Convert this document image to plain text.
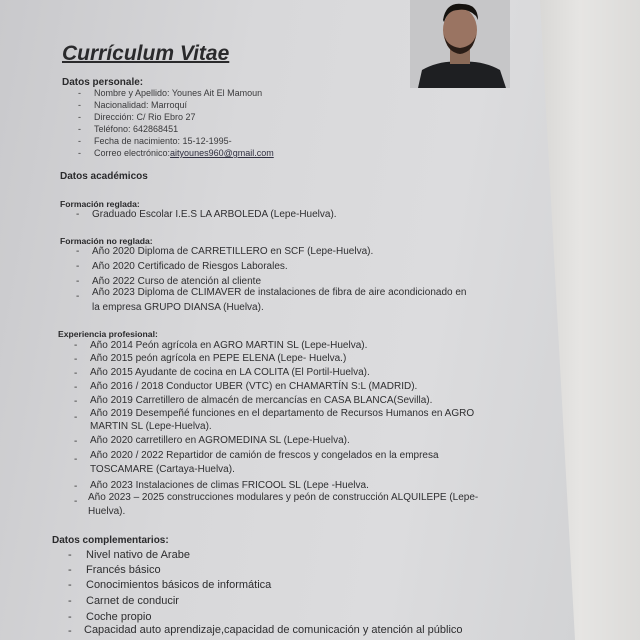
Currículum Vitae
Datos personale:
- Nombre y Apellido: Younes Ait El Mamoun
- Nacionalidad: Marroquí
- Dirección: C/ Rio Ebro 27
- Teléfono: 642868451
- Fecha de nacimiento: 15-12-1995-
- Correo electrónico:aityounes960@gmail.com
Datos académicos
Formación reglada:
- Graduado Escolar I.E.S LA ARBOLEDA (Lepe-Huelva).
Formación no reglada:
- Año 2020 Diploma de CARRETILLERO en SCF (Lepe-Huelva).
- Año 2020 Certificado de Riesgos Laborales.
- Año 2022 Curso de atención al cliente
- Año 2023 Diploma de CLIMAVER de instalaciones de fibra de aire acondicionado en
la empresa GRUPO DIANSA (Huelva).
Experiencia profesional:
- Año 2014 Peón agrícola en AGRO MARTIN SL (Lepe-Huelva).
- Año 2015 peón agrícola en PEPE ELENA (Lepe- Huelva.)
- Año 2015 Ayudante de cocina en LA COLITA (El Portil-Huelva).
- Año 2016 / 2018 Conductor UBER (VTC) en CHAMARTÍN S:L (MADRID).
- Año 2019 Carretillero de almacén de mercancías en CASA BLANCA(Sevilla).
- Año 2019 Desempeñé funciones en el departamento de Recursos Humanos en AGRO
MARTIN SL (Lepe-Huelva).
- Año 2020 carretillero en AGROMEDINA SL (Lepe-Huelva).
- Año 2020 / 2022 Repartidor de camión de frescos y congelados en la empresa
TOSCAMARE (Cartaya-Huelva).
- Año 2023 Instalaciones de climas FRICOOL SL (Lepe -Huelva.
- Año 2023 – 2025 construcciones modulares y peón de construcción ALQUILEPE (Lepe-
Huelva).
Datos complementarios:
- Nivel nativo de Arabe
- Francés básico
- Conocimientos básicos de informática
- Carnet de conducir
- Coche propio
- Capacidad auto aprendizaje,capacidad de comunicación y atención al público
